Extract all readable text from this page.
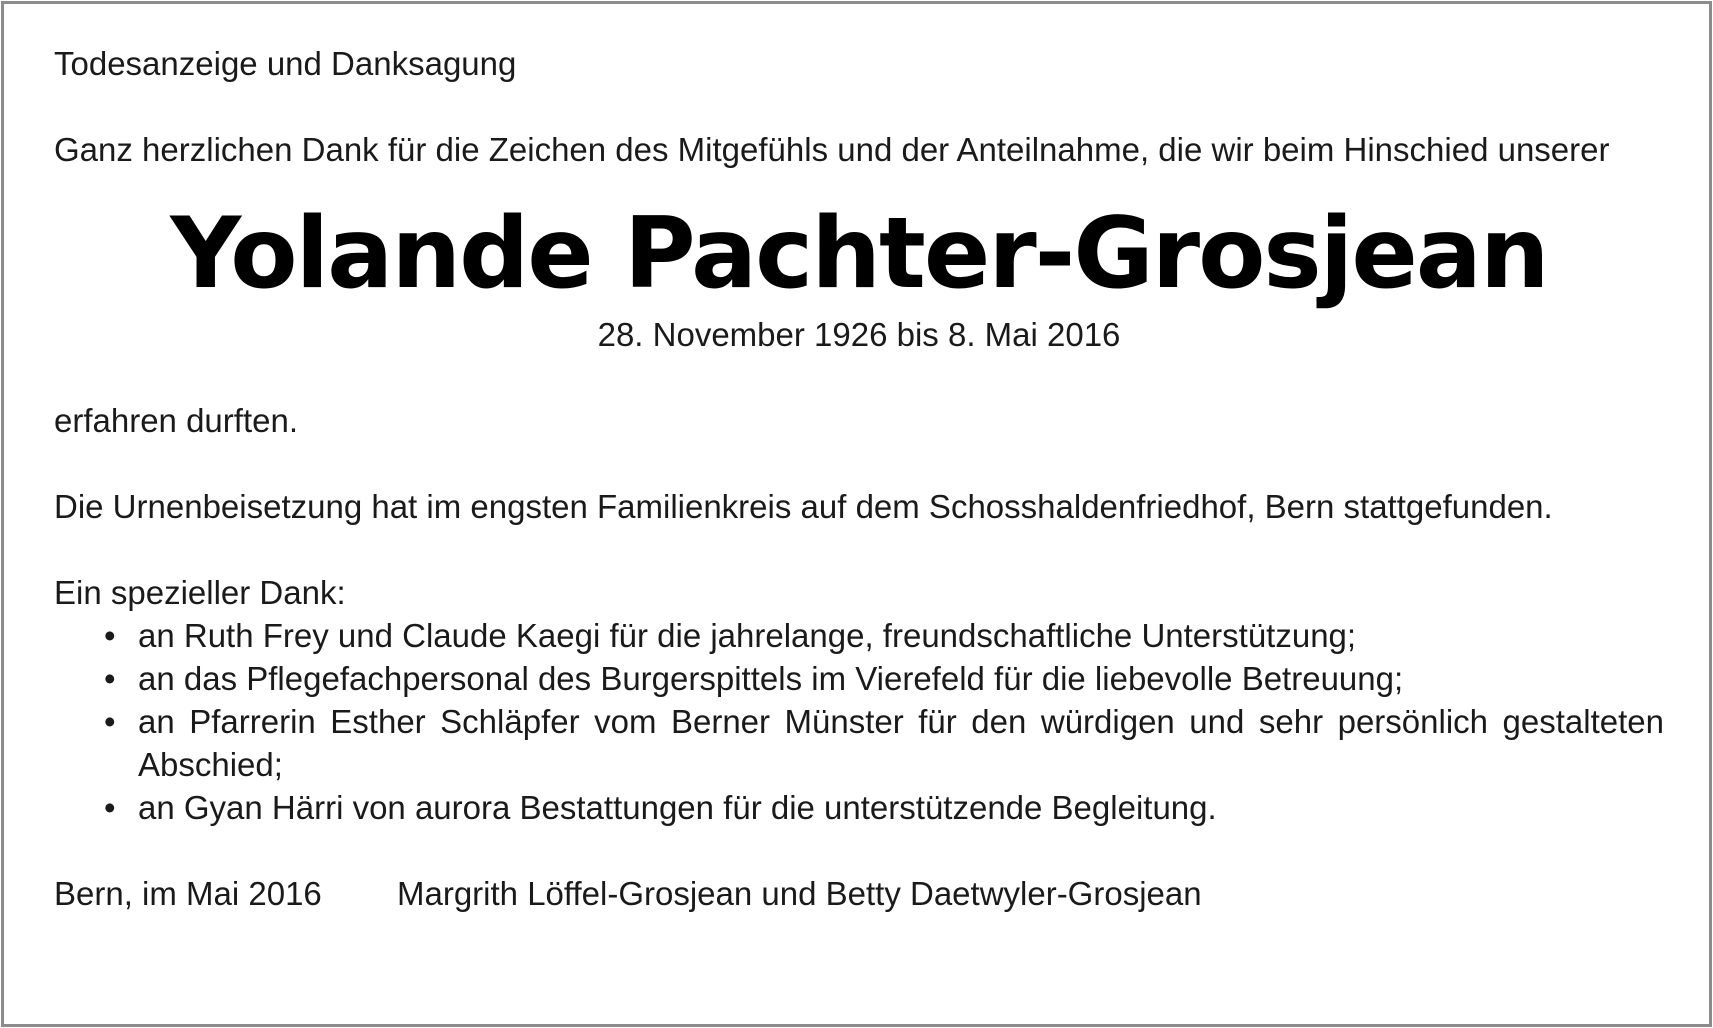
Todesanzeige und Danksagung

Ganz herzlichen Dank für die Zeichen des Mitgefühls und der Anteilnahme, die wir beim Hinschied unserer

Yolande Pachter-Grosjean

28. November 1926 bis 8. Mai 2016

erfahren durften.

Die Urnenbeisetzung hat im engsten Familienkreis auf dem Schosshaldenfriedhof, Bern stattgefunden.

Ein spezieller Dank:

• an Ruth Frey und Claude Kaegi für die jahrelange, freundschaftliche Unterstützung;
• an das Pflegefachpersonal des Burgerspittels im Vierefeld für die liebevolle Betreuung;
• an Pfarrerin Esther Schläpfer vom Berner Münster für den würdigen und sehr persönlich gestalteten Abschied;
• an Gyan Härri von aurora Bestattungen für die unterstützende Begleitung.

Bern, im Mai 2016 Margrith Löffel-Grosjean und Betty Daetwyler-Grosjean
